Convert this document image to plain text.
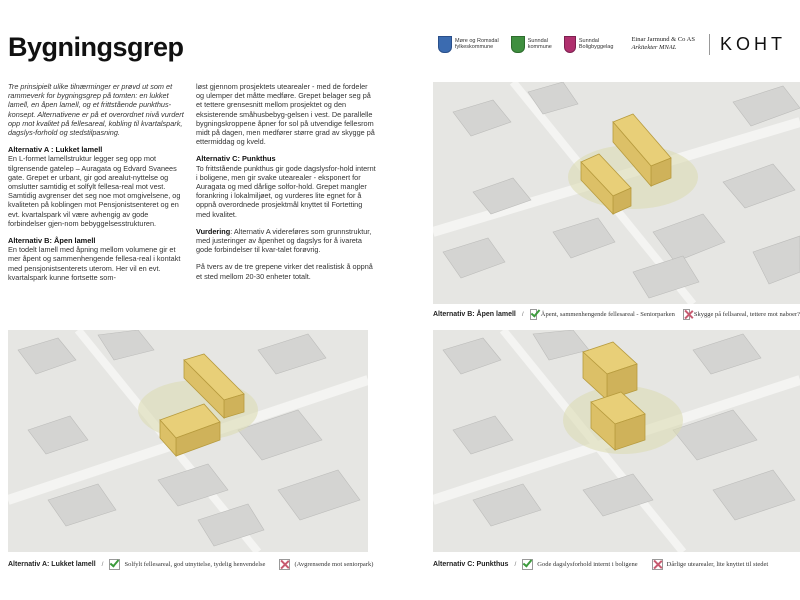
Bygningsgrep	Møre og Romsdal
fylkeskommune
Sunndal
kommune
Sunndal
Boligbyggelag
Einar Jarmund & Co AS
Arkitekter MNAL	KOHT

Tre prinsipielt ulike tilnærminger er prøvd ut som et rammeverk for bygningsgrep på tomten: en lukket lamell, en åpen lamell, og et frittstående punkthus-konsept. Alternativene er på et overordnet nivå vurdert opp mot kvalitet på fellesareal, kobling til kvartalspark, dagslys-forhold og stedstilpasning.

Alternativ A : Lukket lamell

En L-formet lamellstruktur legger seg opp mot tilgrensende gatelep – Auragata og Edvard Svanees gate. Grepet er urbant, gir god arealut-nyttelse og omslutter samtidig et solfylt fellesa-real mot vest. Samtidig avgrenser det seg noe mot omgivelsene, og kvaliteten på koblingen mot Pensjonistsenteret og en evt. kvartalspark vil være avhengig av gode forbindelser gjen-nom bebyggelsesstrukturen.

Alternativ B: Åpen lamell

En todelt lamell med åpning mellom volumene gir et mer åpent og sammenhengende fellesa-real i kontakt med pensjonistsenterets uterom. Her vil en evt. kvartalspark kunne fortsette som-

løst gjennom prosjektets utearealer - med de fordeler og ulemper det måtte medføre. Grepet belager seg på et tettere grensesnitt mellom prosjektet og den eksisterende småhusbebyg-gelsen i vest. De parallelle bygningskroppene åpner for sol på utvendige fellesrom midt på dagen, men medfører større grad av skygge på ettermiddag og kveld.

Alternativ C: Punkthus

To frittstående punkthus gir gode dagslysfor-hold internt i boligene, men gir svake utearealer - eksponert for Auragata og med dårlige solfor-hold. Grepet mangler forankring i lokalmiljøet, og vurderes lite egnet for å oppnå overordnede prosjektmål knyttet til Fortetting med kvalitet.

Vurdering: Alternativ A videreføres som grunnstruktur, med justeringer av åpenhet og dagslys for å ivareta gode forbindelser til kvar-talet forøvrig.

På tvers av de tre grepene virker det realistisk å oppnå et sted mellom 20-30 enheter totalt.

Alternativ B: Åpen lamell /	Åpent, sammenhengende fellesareal - Seniorparken	Skygge på fellsareal, tettere mot naboer?
Alternativ A: Lukket lamell /	Solfylt fellesareal, god utnyttelse, tydelig henvendelse	(Avgrensende mot seniorpark)	Alternativ C: Punkthus /	Gode dagslysforhold internt i boligene	Dårlige utearealer, lite knyttet til stedet
